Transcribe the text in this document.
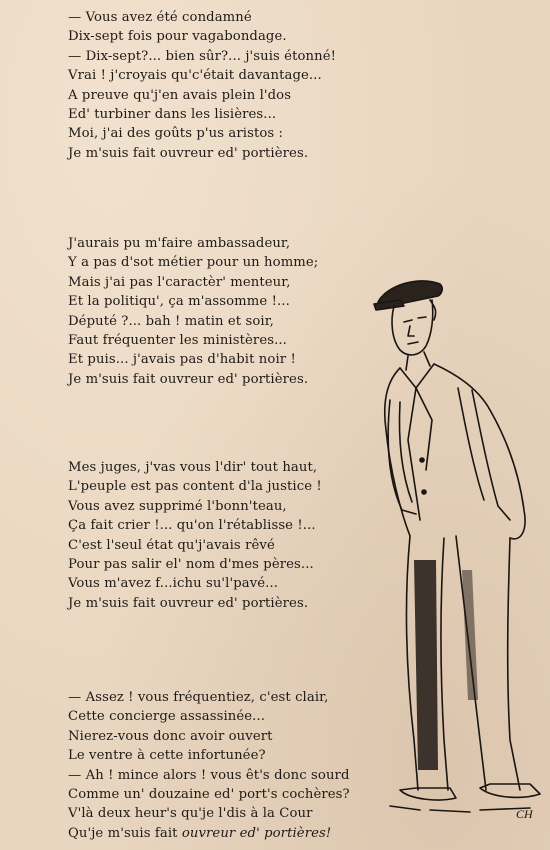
— Vous avez été condamné
Dix-sept fois pour vagabondage.
— Dix-sept?... bien sûr?... j'suis étonné!
Vrai ! j'croyais qu'c'était davantage...
A preuve qu'j'en avais plein l'dos
Ed' turbiner dans les lisières...
Moi, j'ai des goûts p'us aristos :
Je m'suis fait ouvreur ed' portières.
J'aurais pu m'faire ambassadeur,
Y a pas d'sot métier pour un homme;
Mais j'ai pas l'caractèr' menteur,
Et la politiqu', ça m'assomme !...
Député ?... bah ! matin et soir,
Faut fréquenter les ministères...
Et puis... j'avais pas d'habit noir !
Je m'suis fait ouvreur ed' portières.
Mes juges, j'vas vous l'dir' tout haut,
L'peuple est pas content d'la justice !
Vous avez supprimé l'bonn'teau,
Ça fait crier !... qu'on l'rétablisse !...
C'est l'seul état qu'j'avais rêvé
Pour pas salir el' nom d'mes pères...
Vous m'avez f...ichu su'l'pavé...
Je m'suis fait ouvreur ed' portières.
— Assez ! vous fréquentiez, c'est clair,
Cette concierge assassinée...
Nierez-vous donc avoir ouvert
Le ventre à cette infortunée?
— Ah ! mince alors ! vous êt's donc sourd
Comme un' douzaine ed' port's cochères?
V'là deux heur's qu'je l'dis à la Cour
Qu'je m'suis fait ouvreur ed' portières!
CH
